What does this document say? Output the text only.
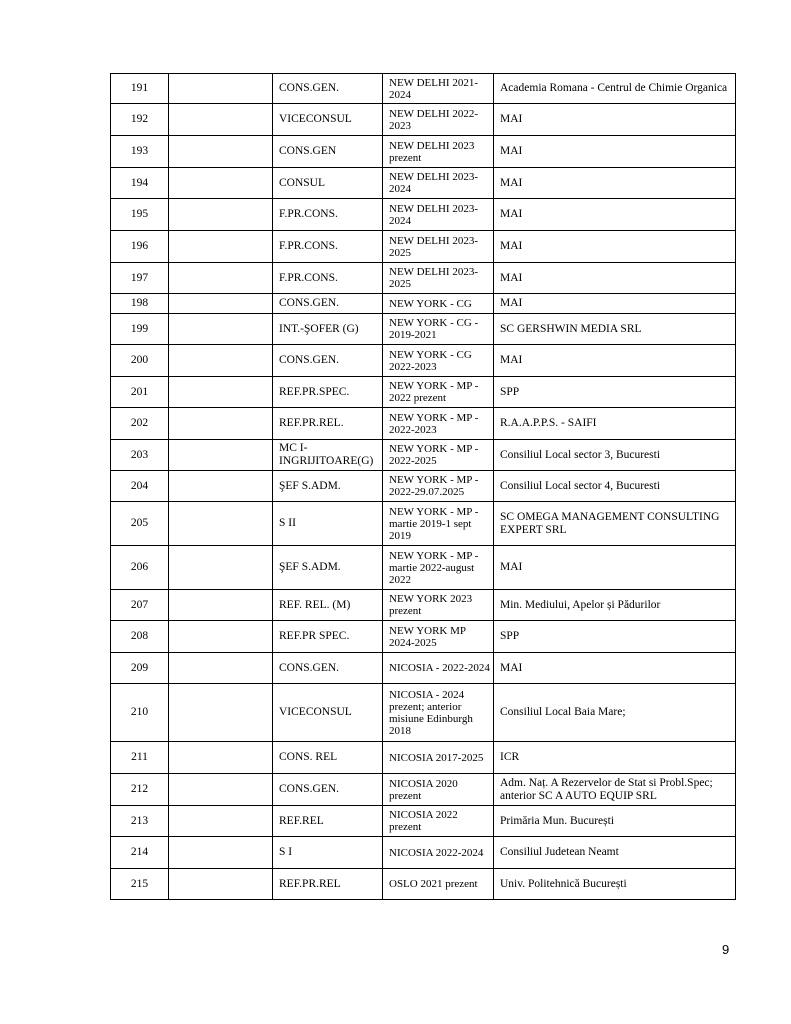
191		CONS.GEN.	NEW DELHI 2021-2024	Academia Romana - Centrul de Chimie Organica
192		VICECONSUL	NEW DELHI 2022-2023	MAI
193		CONS.GEN	NEW DELHI 2023 prezent	MAI
194		CONSUL	NEW DELHI 2023-2024	MAI
195		F.PR.CONS.	NEW DELHI 2023-2024	MAI
196		F.PR.CONS.	NEW DELHI 2023-2025	MAI
197		F.PR.CONS.	NEW DELHI 2023-2025	MAI
198		CONS.GEN.	NEW YORK - CG	MAI
199		INT.-ŞOFER (G)	NEW YORK - CG - 2019-2021	SC GERSHWIN MEDIA SRL
200		CONS.GEN.	NEW YORK - CG 2022-2023	MAI
201		REF.PR.SPEC.	NEW YORK - MP - 2022 prezent	SPP
202		REF.PR.REL.	NEW YORK - MP - 2022-2023	R.A.A.P.P.S. - SAIFI
203		MC I-INGRIJITOARE(G)	NEW YORK - MP - 2022-2025	Consiliul Local sector 3, Bucuresti
204		ŞEF S.ADM.	NEW YORK - MP - 2022-29.07.2025	Consiliul Local sector 4, Bucuresti
205		S II	NEW YORK - MP - martie 2019-1 sept 2019	SC OMEGA MANAGEMENT CONSULTING EXPERT SRL
206		ŞEF S.ADM.	NEW YORK - MP - martie 2022-august 2022	MAI
207		REF. REL. (M)	NEW YORK 2023 prezent	Min. Mediului, Apelor și Pădurilor
208		REF.PR SPEC.	NEW YORK MP 2024-2025	SPP
209		CONS.GEN.	NICOSIA - 2022-2024	MAI
210		VICECONSUL	NICOSIA - 2024 prezent; anterior misiune Edinburgh 2018	Consiliul Local Baia Mare;
211		CONS. REL	NICOSIA 2017-2025	ICR
212		CONS.GEN.	NICOSIA 2020 prezent	Adm. Naț. A Rezervelor de Stat si Probl.Spec; anterior SC A AUTO EQUIP SRL
213		REF.REL	NICOSIA 2022 prezent	Primăria Mun. București
214		S I	NICOSIA 2022-2024	Consiliul Judetean Neamt
215		REF.PR.REL	OSLO 2021 prezent	Univ. Politehnică București
9
